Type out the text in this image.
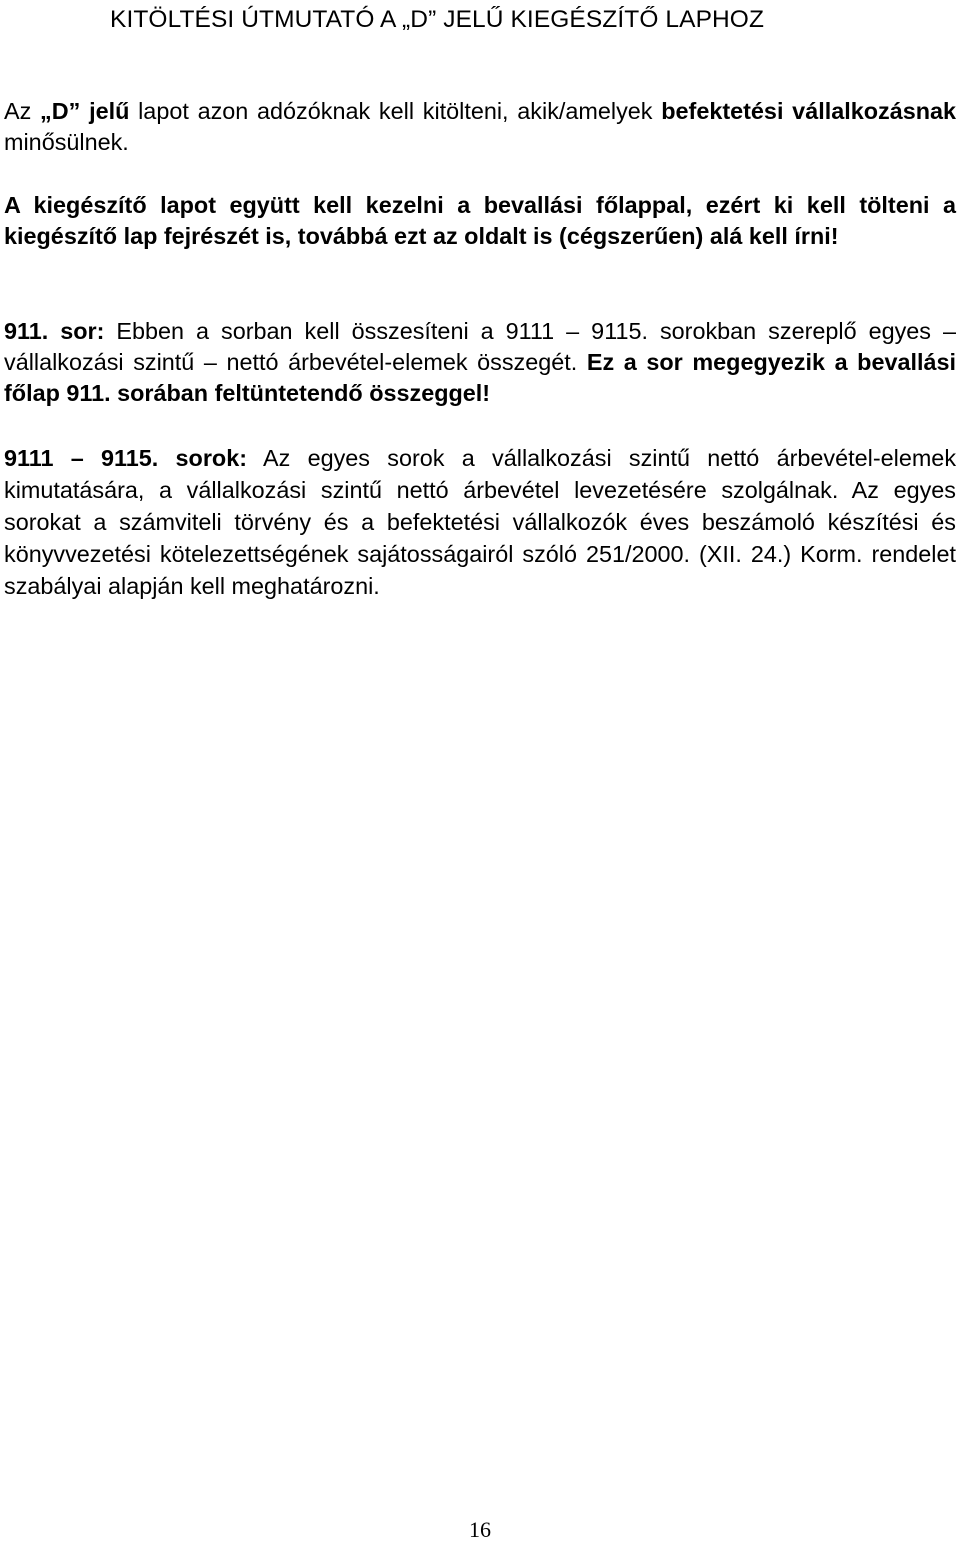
KITÖLTÉSI ÚTMUTATÓ A „D” JELŰ KIEGÉSZÍTŐ LAPHOZ

Az „D” jelű lapot azon adózóknak kell kitölteni, akik/amelyek befektetési vállalkozásnak minősülnek.

A kiegészítő lapot együtt kell kezelni a bevallási főlappal, ezért ki kell tölteni a kiegészítő lap fejrészét is, továbbá ezt az oldalt is (cégszerűen) alá kell írni!

911. sor: Ebben a sorban kell összesíteni a 9111 – 9115. sorokban szereplő egyes – vállalkozási szintű – nettó árbevétel-elemek összegét. Ez a sor megegyezik a bevallási főlap 911. sorában feltüntetendő összeggel!

9111 – 9115. sorok: Az egyes sorok a vállalkozási szintű nettó árbevétel-elemek kimutatására, a vállalkozási szintű nettó árbevétel levezetésére szolgálnak. Az egyes sorokat a számviteli törvény és a befektetési vállalkozók éves beszámoló készítési és könyvvezetési kötelezettségének sajátosságairól szóló 251/2000. (XII. 24.) Korm. rendelet szabályai alapján kell meghatározni.

16
